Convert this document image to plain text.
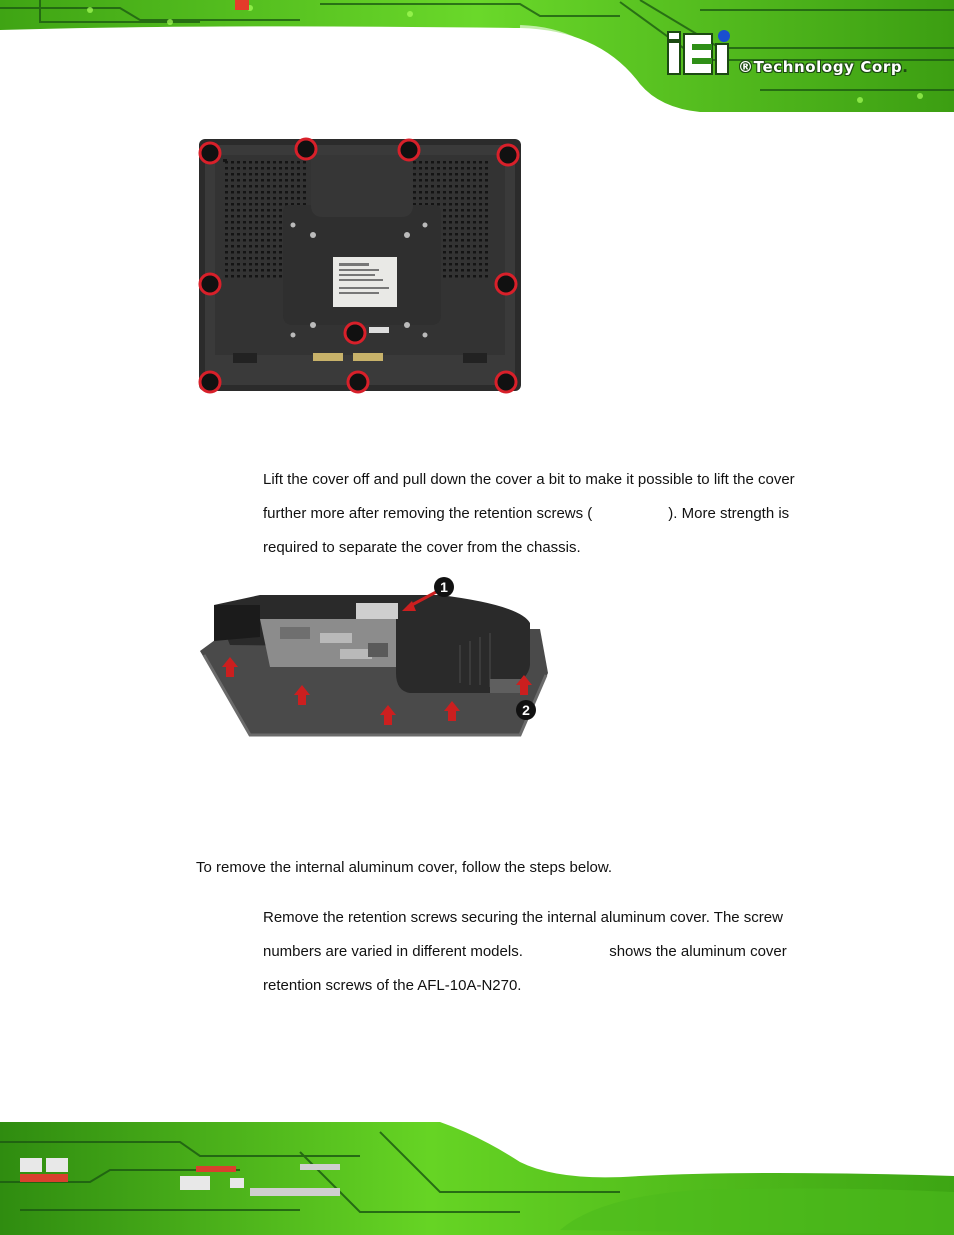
®Technology Corp.

Lift the cover off and pull down the cover a bit to make it possible to lift the cover further more after removing the retention screws (	). More strength is required to separate the cover from the chassis.

1
2

To remove the internal aluminum cover, follow the steps below.

Remove the retention screws securing the internal aluminum cover. The screw numbers are varied in different models.	shows the aluminum cover retention screws of the AFL-10A-N270.
